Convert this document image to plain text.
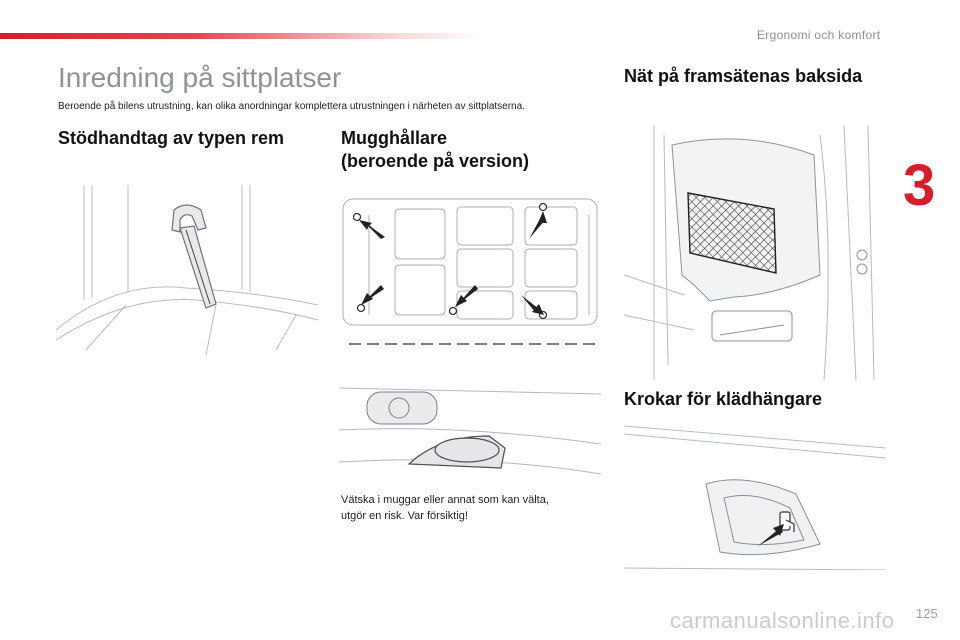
Ergonomi och komfort
3
Inredning på sittplatser
Beroende på bilens utrustning, kan olika anordningar komplettera utrustningen i närheten av sittplatserna.
Stödhandtag av typen rem	Mugghållare
(beroende på version)
Vätska i muggar eller annat som kan välta,
utgör en risk. Var försiktig!
Nät på framsätenas baksida
Krokar för klädhängare
carmanualsonline.info 125
